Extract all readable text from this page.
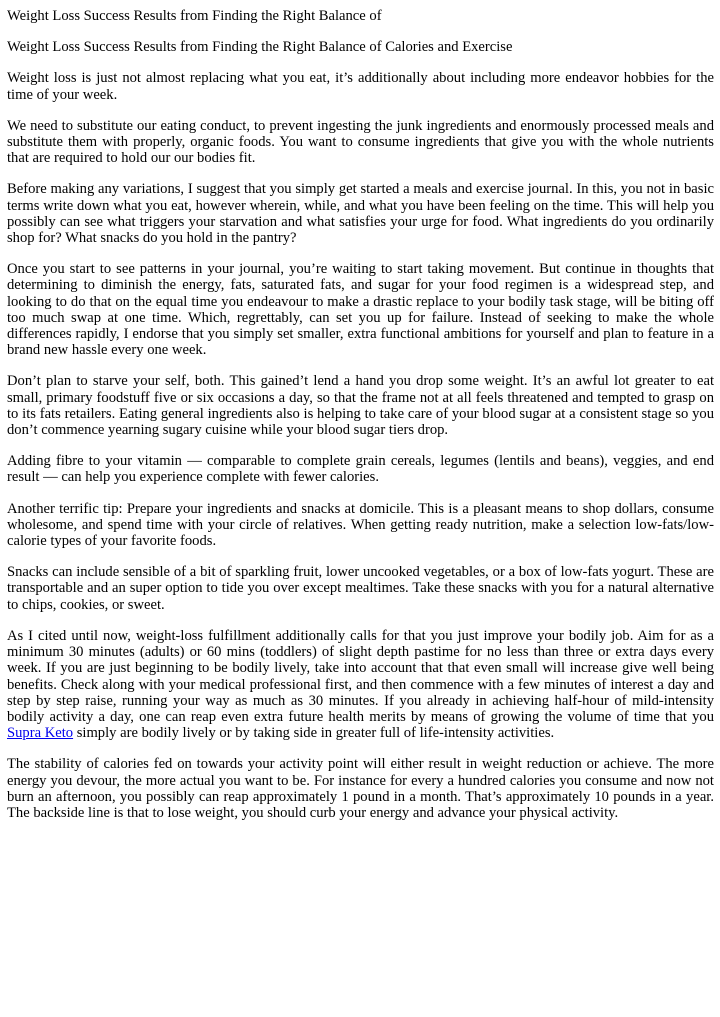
Weight Loss Success Results from Finding the Right Balance of

Weight Loss Success Results from Finding the Right Balance of Calories and Exercise

Weight loss is just not almost replacing what you eat, it’s additionally about including more endeavor hobbies for the time of your week.

We need to substitute our eating conduct, to prevent ingesting the junk ingredients and enormously processed meals and substitute them with properly, organic foods. You want to consume ingredients that give you with the whole nutrients that are required to hold our our bodies fit.

Before making any variations, I suggest that you simply get started a meals and exercise journal. In this, you not in basic terms write down what you eat, however wherein, while, and what you have been feeling on the time. This will help you possibly can see what triggers your starvation and what satisfies your urge for food. What ingredients do you ordinarily shop for? What snacks do you hold in the pantry?

Once you start to see patterns in your journal, you’re waiting to start taking movement. But continue in thoughts that determining to diminish the energy, fats, saturated fats, and sugar for your food regimen is a widespread step, and looking to do that on the equal time you endeavour to make a drastic replace to your bodily task stage, will be biting off too much swap at one time. Which, regrettably, can set you up for failure. Instead of seeking to make the whole differences rapidly, I endorse that you simply set smaller, extra functional ambitions for yourself and plan to feature in a brand new hassle every one week.

Don’t plan to starve your self, both. This gained’t lend a hand you drop some weight. It’s an awful lot greater to eat small, primary foodstuff five or six occasions a day, so that the frame not at all feels threatened and tempted to grasp on to its fats retailers. Eating general ingredients also is helping to take care of your blood sugar at a consistent stage so you don’t commence yearning sugary cuisine while your blood sugar tiers drop.

Adding fibre to your vitamin — comparable to complete grain cereals, legumes (lentils and beans), veggies, and end result — can help you experience complete with fewer calories.

Another terrific tip: Prepare your ingredients and snacks at domicile. This is a pleasant means to shop dollars, consume wholesome, and spend time with your circle of relatives. When getting ready nutrition, make a selection low-fats/low-calorie types of your favorite foods.

Snacks can include sensible of a bit of sparkling fruit, lower uncooked vegetables, or a box of low-fats yogurt. These are transportable and an super option to tide you over except mealtimes. Take these snacks with you for a natural alternative to chips, cookies, or sweet.

As I cited until now, weight-loss fulfillment additionally calls for that you just improve your bodily job. Aim for as a minimum 30 minutes (adults) or 60 mins (toddlers) of slight depth pastime for no less than three or extra days every week. If you are just beginning to be bodily lively, take into account that that even small will increase give well being benefits. Check along with your medical professional first, and then commence with a few minutes of interest a day and step by step raise, running your way as much as 30 minutes. If you already in achieving half-hour of mild-intensity bodily activity a day, one can reap even extra future health merits by means of growing the volume of time that you Supra Keto simply are bodily lively or by taking side in greater full of life-intensity activities.

The stability of calories fed on towards your activity point will either result in weight reduction or achieve. The more energy you devour, the more actual you want to be. For instance for every a hundred calories you consume and now not burn an afternoon, you possibly can reap approximately 1 pound in a month. That’s approximately 10 pounds in a year. The backside line is that to lose weight, you should curb your energy and advance your physical activity.
